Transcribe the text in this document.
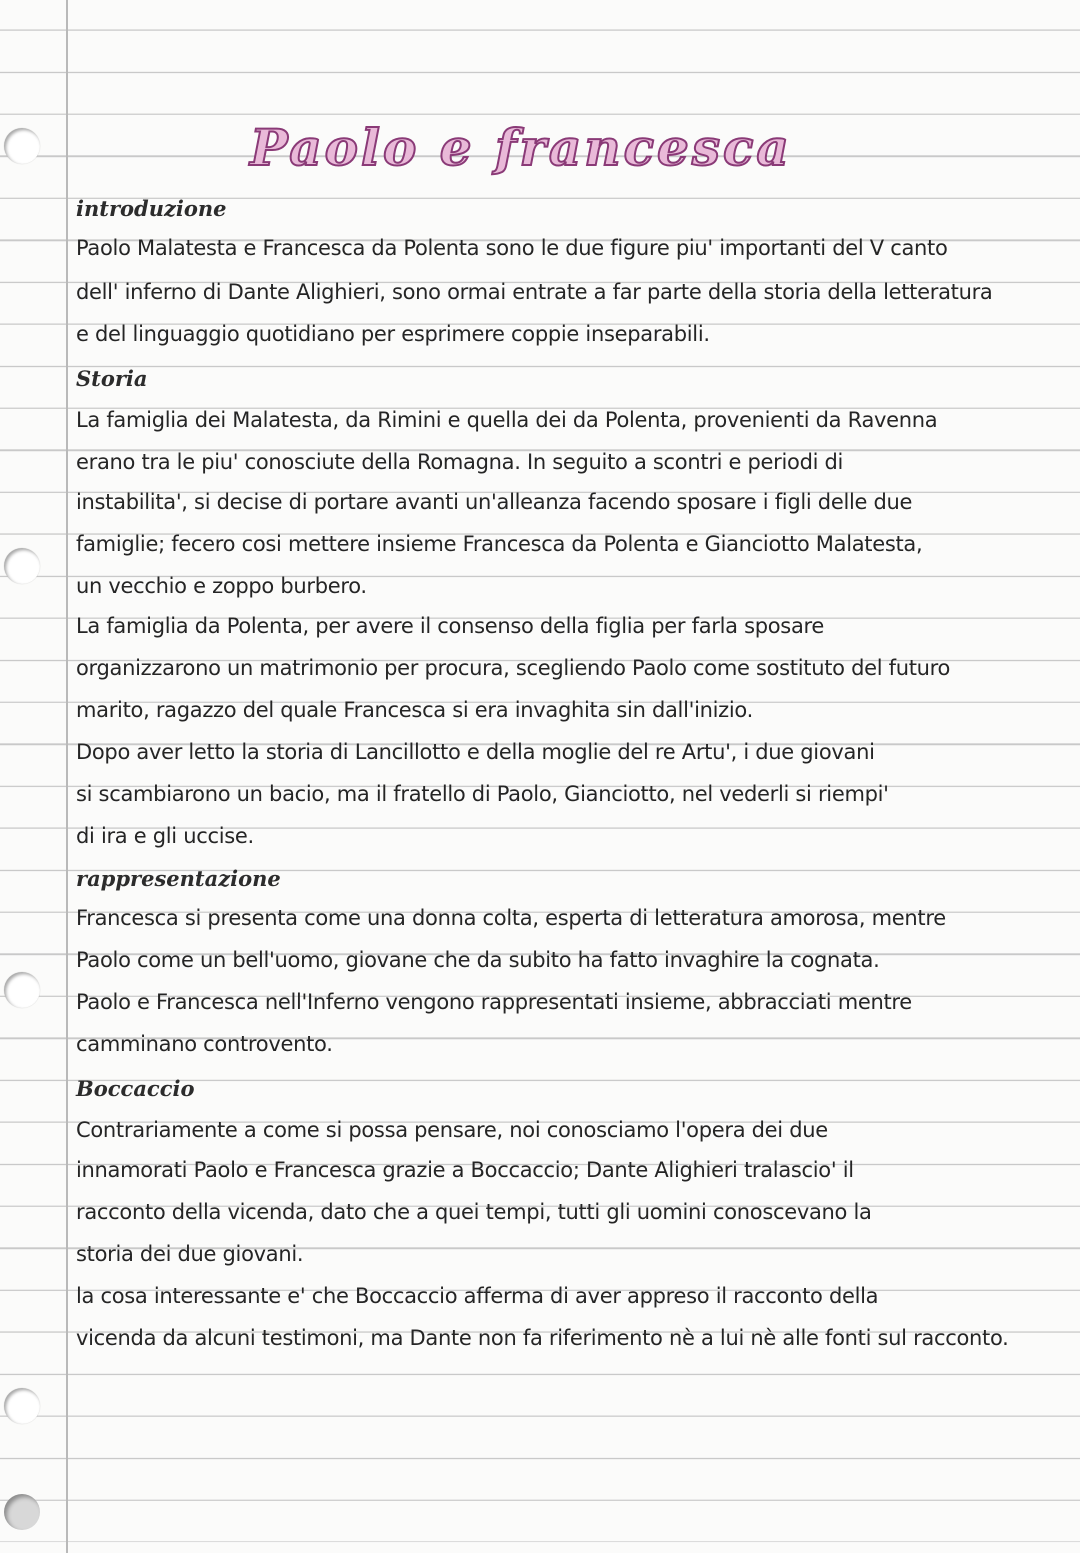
Paolo e francesca
introduzione
Paolo Malatesta e Francesca da Polenta sono le due figure piu' importanti del V canto
dell' inferno di Dante Alighieri, sono ormai entrate a far parte della storia della letteratura
e del linguaggio quotidiano per esprimere coppie inseparabili.
Storia
La famiglia dei Malatesta, da Rimini e quella dei da Polenta, provenienti da Ravenna
erano tra le piu' conosciute della Romagna. In seguito a scontri e periodi di
instabilita', si decise di portare avanti un'alleanza facendo sposare i figli delle due
famiglie; fecero cosi mettere insieme Francesca da Polenta e Gianciotto Malatesta,
un vecchio e zoppo burbero.
La famiglia da Polenta, per avere il consenso della figlia per farla sposare
organizzarono un matrimonio per procura, scegliendo Paolo come sostituto del futuro
marito, ragazzo del quale Francesca si era invaghita sin dall'inizio.
Dopo aver letto la storia di Lancillotto e della moglie del re Artu', i due giovani
si scambiarono un bacio, ma il fratello di Paolo, Gianciotto, nel vederli si riempi'
di ira e gli uccise.
rappresentazione
Francesca si presenta come una donna colta, esperta di letteratura amorosa, mentre
Paolo come un bell'uomo, giovane che da subito ha fatto invaghire la cognata.
Paolo e Francesca nell'Inferno vengono rappresentati insieme, abbracciati mentre
camminano controvento.
Boccaccio
Contrariamente a come si possa pensare, noi conosciamo l'opera dei due
innamorati Paolo e Francesca grazie a Boccaccio; Dante Alighieri tralascio' il
racconto della vicenda, dato che a quei tempi, tutti gli uomini conoscevano la
storia dei due giovani.
la cosa interessante e' che Boccaccio afferma di aver appreso il racconto della
vicenda da alcuni testimoni, ma Dante non fa riferimento nè a lui nè alle fonti sul racconto.
